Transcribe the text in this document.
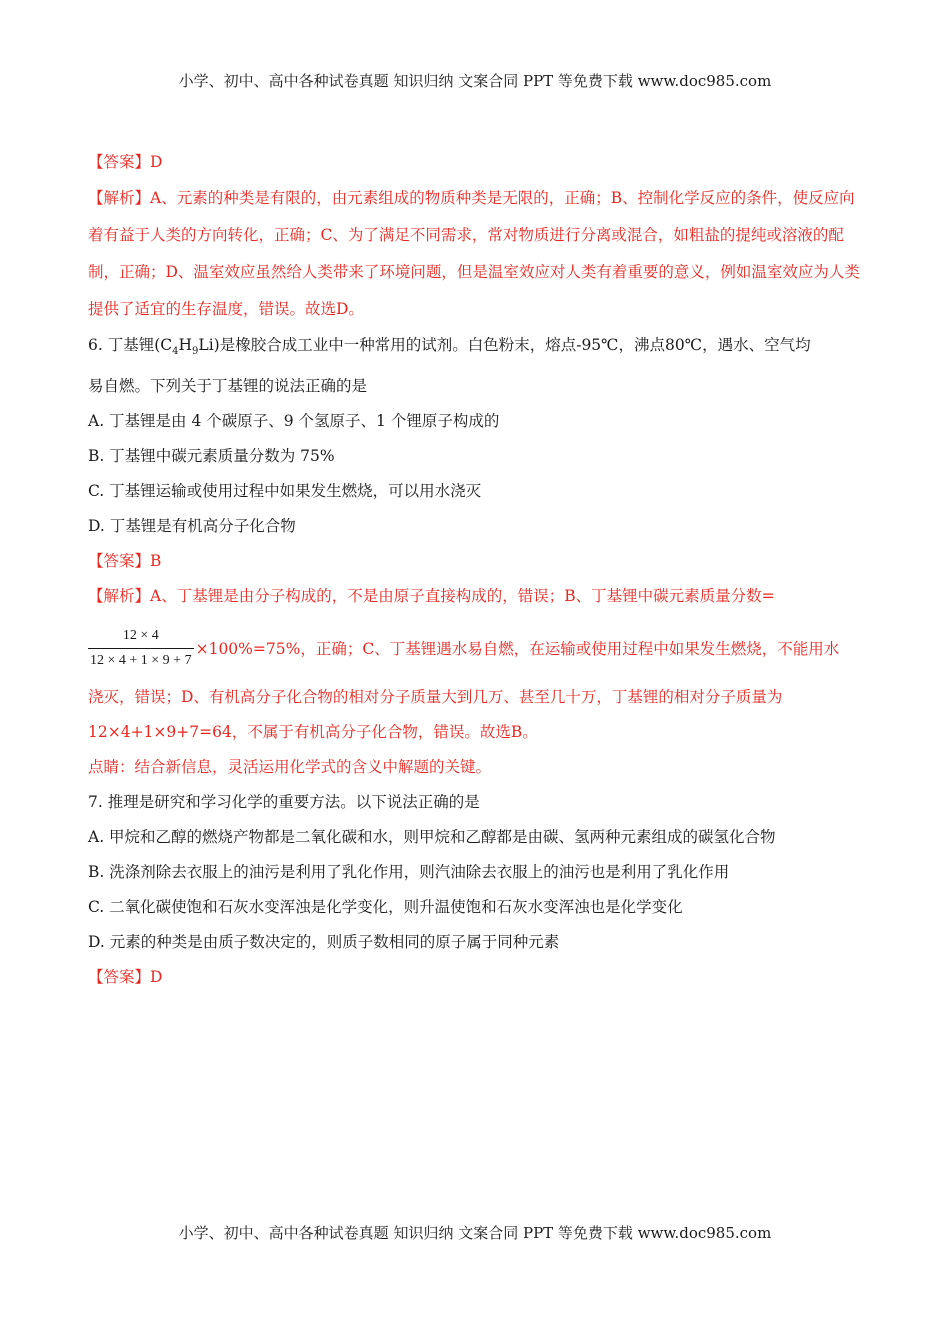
小学、初中、高中各种试卷真题 知识归纳 文案合同 PPT 等免费下载 www.doc985.com

【答案】D

【解析】A、元素的种类是有限的，由元素组成的物质种类是无限的，正确；B、控制化学反应的条件，使反应向着有益于人类的方向转化，正确；C、为了满足不同需求，常对物质进行分离或混合，如粗盐的提纯或溶液的配制，正确；D、温室效应虽然给人类带来了环境问题，但是温室效应对人类有着重要的意义，例如温室效应为人类提供了适宜的生存温度，错误。故选D。

6. 丁基锂$(C_4H_9Li)$是橡胶合成工业中一种常用的试剂。白色粉末，熔点-95℃，沸点80℃，遇水、空气均

易自燃。下列关于丁基锂的说法正确的是

A. 丁基锂是由 4 个碳原子、9 个氢原子、1 个锂原子构成的

B. 丁基锂中碳元素质量分数为 75%

C. 丁基锂运输或使用过程中如果发生燃烧，可以用水浇灭

D. 丁基锂是有机高分子化合物

【答案】B

【解析】A、丁基锂是由分子构成的，不是由原子直接构成的，错误；B、丁基锂中碳元素质量分数=

$\frac{12 \times 4}{12 \times 4 + 1 \times 9 + 7} \times 100\%=75\%$，正确；C、丁基锂遇水易自燃，在运输或使用过程中如果发生燃烧，不能用水

浇灭，错误；D、有机高分子化合物的相对分子质量大到几万、甚至几十万，丁基锂的相对分子质量为

12×4+1×9+7=64，不属于有机高分子化合物，错误。故选B。

点睛：结合新信息，灵活运用化学式的含义中解题的关键。

7. 推理是研究和学习化学的重要方法。以下说法正确的是

A. 甲烷和乙醇的燃烧产物都是二氧化碳和水，则甲烷和乙醇都是由碳、氢两种元素组成的碳氢化合物

B. 洗涤剂除去衣服上的油污是利用了乳化作用，则汽油除去衣服上的油污也是利用了乳化作用

C. 二氧化碳使饱和石灰水变浑浊是化学变化，则升温使饱和石灰水变浑浊也是化学变化

D. 元素的种类是由质子数决定的，则质子数相同的原子属于同种元素

【答案】D

小学、初中、高中各种试卷真题 知识归纳 文案合同 PPT 等免费下载 www.doc985.com
